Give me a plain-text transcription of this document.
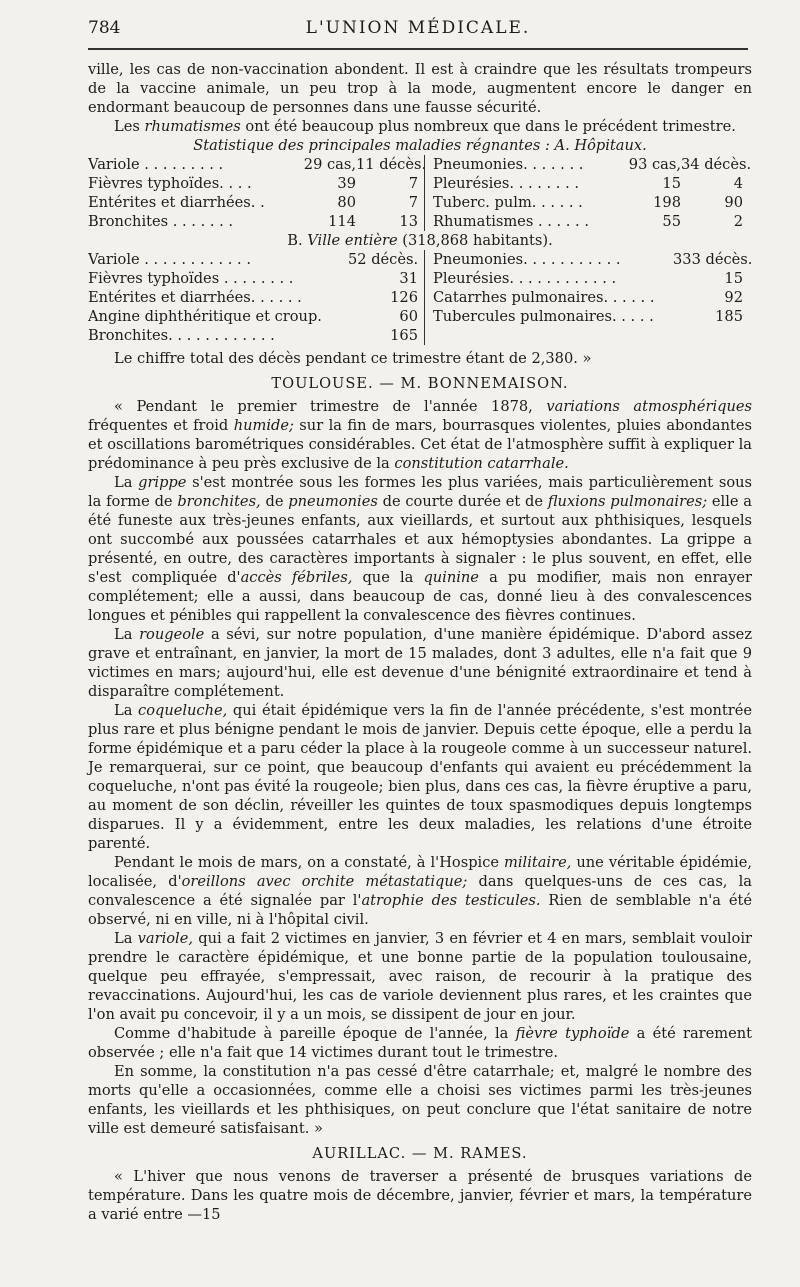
784	L'UNION MÉDICALE.

ville, les cas de non-vaccination abondent. Il est à craindre que les résultats trompeurs de la vaccine animale, un peu trop à la mode, augmentent encore le danger en endormant beaucoup de personnes dans une fausse sécurité.

Les rhumatismes ont été beaucoup plus nombreux que dans le précédent trimestre.

Statistique des principales maladies régnantes : A. Hôpitaux.

Variole . . . . . . . . .	29 cas, 11 décès.
Fièvres typhoïdes. . . .	39	7
Entérites et diarrhées. .	80	7
Bronchites . . . . . . .	114	13
Pneumonies. . . . . . .	93 cas, 34 décès.
Pleurésies. . . . . . . .	15	4
Tuberc. pulm. . . . . .	198	90
Rhumatismes . . . . . .	55	2

B. Ville entière (318,868 habitants).

Variole . . . . . . . . . . . .	52 décès.
Fièvres typhoïdes . . . . . . . .	31
Entérites et diarrhées. . . . . .	126
Angine diphthéritique et croup.	60
Bronchites. . . . . . . . . . . .	165
Pneumonies. . . . . . . . . . .	333 décès.
Pleurésies. . . . . . . . . . . .	15
Catarrhes pulmonaires. . . . . .	92
Tubercules pulmonaires. . . . .	185

Le chiffre total des décès pendant ce trimestre étant de 2,380. »

TOULOUSE. — M. BONNEMAISON.

« Pendant le premier trimestre de l'année 1878, variations atmosphériques fréquentes et froid humide; sur la fin de mars, bourrasques violentes, pluies abondantes et oscillations barométriques considérables. Cet état de l'atmosphère suffit à expliquer la prédominance à peu près exclusive de la constitution catarrhale.

La grippe s'est montrée sous les formes les plus variées, mais particulièrement sous la forme de bronchites, de pneumonies de courte durée et de fluxions pulmonaires; elle a été funeste aux très-jeunes enfants, aux vieillards, et surtout aux phthisiques, lesquels ont succombé aux poussées catarrhales et aux hémoptysies abondantes. La grippe a présenté, en outre, des caractères importants à signaler : le plus souvent, en effet, elle s'est compliquée d'accès fébriles, que la quinine a pu modifier, mais non enrayer complétement; elle a aussi, dans beaucoup de cas, donné lieu à des convalescences longues et pénibles qui rappellent la convalescence des fièvres continues.

La rougeole a sévi, sur notre population, d'une manière épidémique. D'abord assez grave et entraînant, en janvier, la mort de 15 malades, dont 3 adultes, elle n'a fait que 9 victimes en mars; aujourd'hui, elle est devenue d'une bénignité extraordinaire et tend à disparaître complétement.

La coqueluche, qui était épidémique vers la fin de l'année précédente, s'est montrée plus rare et plus bénigne pendant le mois de janvier. Depuis cette époque, elle a perdu la forme épidémique et a paru céder la place à la rougeole comme à un successeur naturel. Je remarquerai, sur ce point, que beaucoup d'enfants qui avaient eu précédemment la coqueluche, n'ont pas évité la rougeole; bien plus, dans ces cas, la fièvre éruptive a paru, au moment de son déclin, réveiller les quintes de toux spasmodiques depuis longtemps disparues. Il y a évidemment, entre les deux maladies, les relations d'une étroite parenté.

Pendant le mois de mars, on a constaté, à l'Hospice militaire, une véritable épidémie, localisée, d'oreillons avec orchite métastatique; dans quelques-uns de ces cas, la convalescence a été signalée par l'atrophie des testicules. Rien de semblable n'a été observé, ni en ville, ni à l'hôpital civil.

La variole, qui a fait 2 victimes en janvier, 3 en février et 4 en mars, semblait vouloir prendre le caractère épidémique, et une bonne partie de la population toulousaine, quelque peu effrayée, s'empressait, avec raison, de recourir à la pratique des revaccinations. Aujourd'hui, les cas de variole deviennent plus rares, et les craintes que l'on avait pu concevoir, il y a un mois, se dissipent de jour en jour.

Comme d'habitude à pareille époque de l'année, la fièvre typhoïde a été rarement observée ; elle n'a fait que 14 victimes durant tout le trimestre.

En somme, la constitution n'a pas cessé d'être catarrhale; et, malgré le nombre des morts qu'elle a occasionnées, comme elle a choisi ses victimes parmi les très-jeunes enfants, les vieillards et les phthisiques, on peut conclure que l'état sanitaire de notre ville est demeuré satisfaisant. »

AURILLAC. — M. RAMES.

« L'hiver que nous venons de traverser a présenté de brusques variations de température. Dans les quatre mois de décembre, janvier, février et mars, la température a varié entre —15
